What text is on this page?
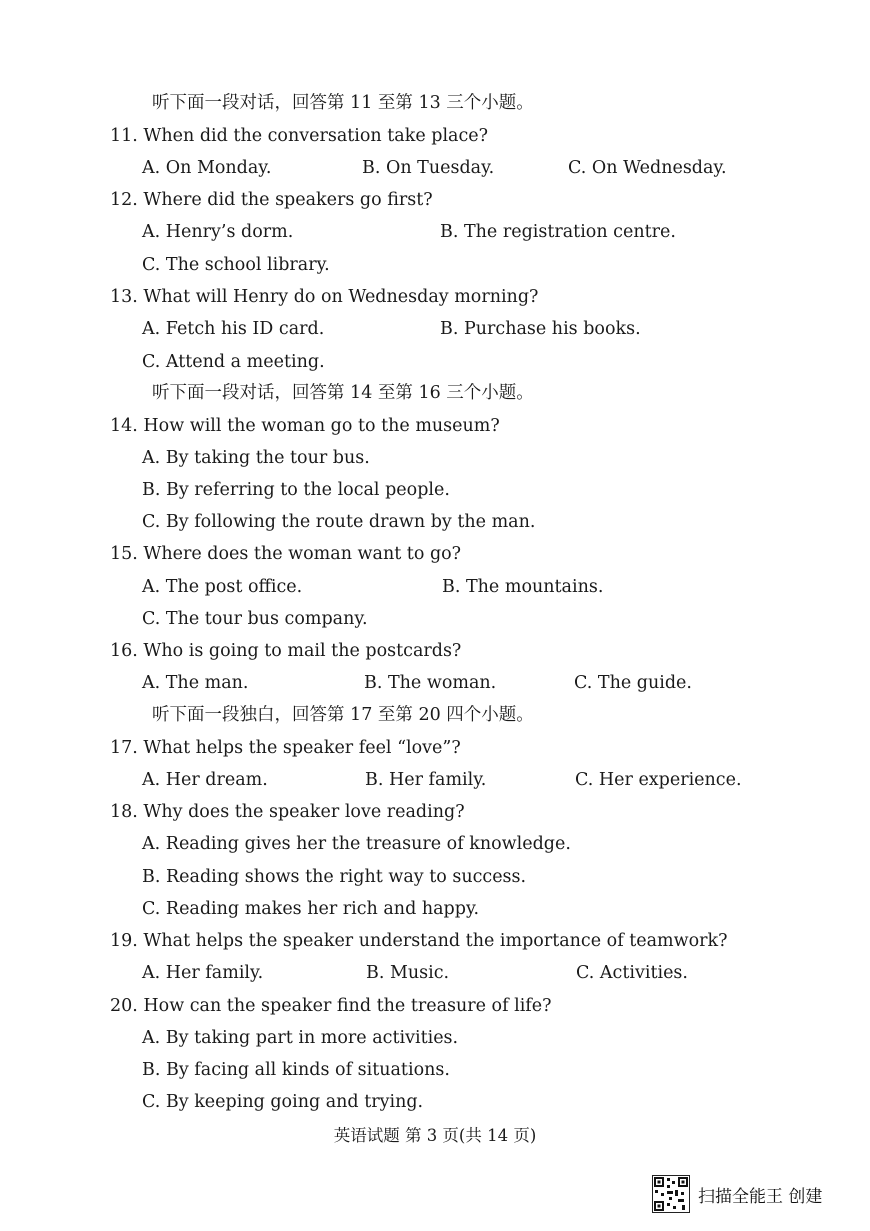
听下面一段对话，回答第 11 至第 13 三个小题。
11. When did the conversation take place?
A. On Monday.	B. On Tuesday.	C. On Wednesday.
12. Where did the speakers go first?
A. Henry’s dorm.	B. The registration centre.
C. The school library.
13. What will Henry do on Wednesday morning?
A. Fetch his ID card.	B. Purchase his books.
C. Attend a meeting.
听下面一段对话，回答第 14 至第 16 三个小题。
14. How will the woman go to the museum?
A. By taking the tour bus.
B. By referring to the local people.
C. By following the route drawn by the man.
15. Where does the woman want to go?
A. The post office.	B. The mountains.
C. The tour bus company.
16. Who is going to mail the postcards?
A. The man.	B. The woman.	C. The guide.
听下面一段独白，回答第 17 至第 20 四个小题。
17. What helps the speaker feel “love”?
A. Her dream.	B. Her family.	C. Her experience.
18. Why does the speaker love reading?
A. Reading gives her the treasure of knowledge.
B. Reading shows the right way to success.
C. Reading makes her rich and happy.
19. What helps the speaker understand the importance of teamwork?
A. Her family.	B. Music.	C. Activities.
20. How can the speaker find the treasure of life?
A. By taking part in more activities.
B. By facing all kinds of situations.
C. By keeping going and trying.
英语试题 第 3 页(共 14 页)
扫描全能王 创建
